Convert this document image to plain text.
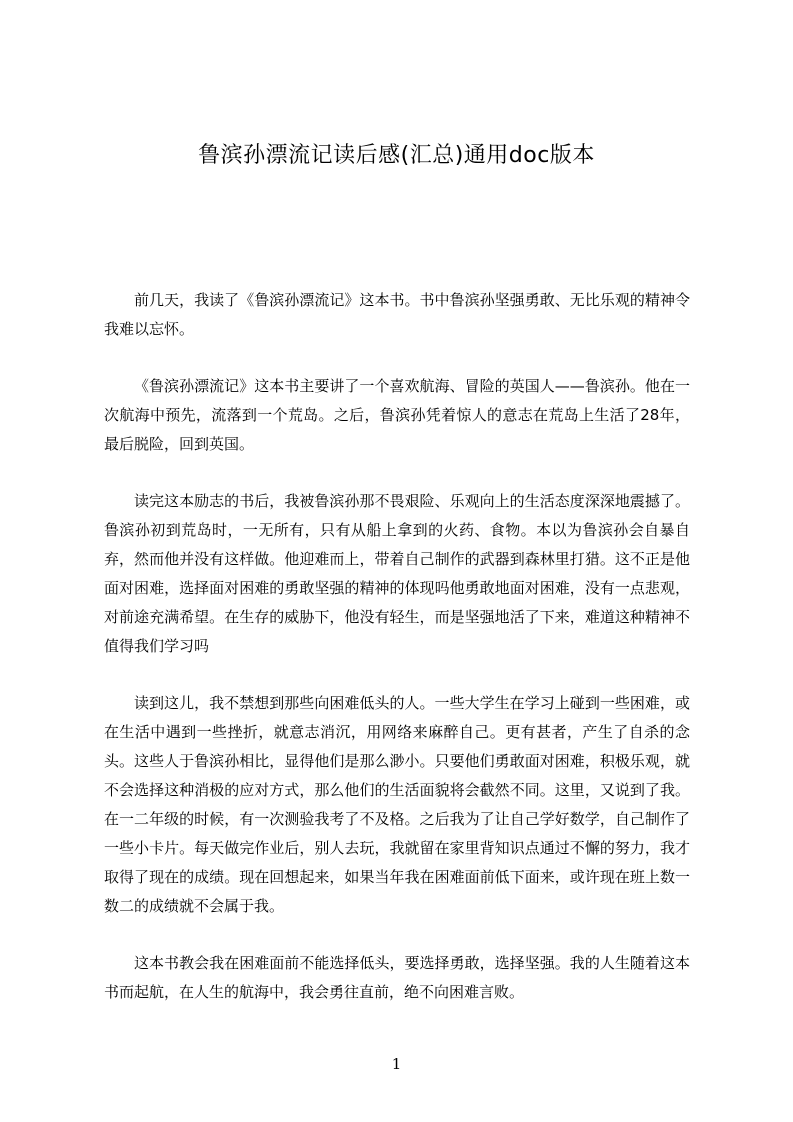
鲁滨孙漂流记读后感(汇总)通用doc版本

前几天，我读了《鲁滨孙漂流记》这本书。书中鲁滨孙坚强勇敢、无比乐观的精神令我难以忘怀。

《鲁滨孙漂流记》这本书主要讲了一个喜欢航海、冒险的英国人——鲁滨孙。他在一次航海中预先，流落到一个荒岛。之后，鲁滨孙凭着惊人的意志在荒岛上生活了28年，最后脱险，回到英国。

读完这本励志的书后，我被鲁滨孙那不畏艰险、乐观向上的生活态度深深地震撼了。鲁滨孙初到荒岛时，一无所有，只有从船上拿到的火药、食物。本以为鲁滨孙会自暴自弃，然而他并没有这样做。他迎难而上，带着自己制作的武器到森林里打猎。这不正是他面对困难，选择面对困难的勇敢坚强的精神的体现吗他勇敢地面对困难，没有一点悲观，对前途充满希望。在生存的威胁下，他没有轻生，而是坚强地活了下来，难道这种精神不值得我们学习吗

读到这儿，我不禁想到那些向困难低头的人。一些大学生在学习上碰到一些困难，或在生活中遇到一些挫折，就意志消沉，用网络来麻醉自己。更有甚者，产生了自杀的念头。这些人于鲁滨孙相比，显得他们是那么渺小。只要他们勇敢面对困难，积极乐观，就不会选择这种消极的应对方式，那么他们的生活面貌将会截然不同。这里，又说到了我。在一二年级的时候，有一次测验我考了不及格。之后我为了让自己学好数学，自己制作了一些小卡片。每天做完作业后，别人去玩，我就留在家里背知识点通过不懈的努力，我才取得了现在的成绩。现在回想起来，如果当年我在困难面前低下面来，或许现在班上数一数二的成绩就不会属于我。

这本书教会我在困难面前不能选择低头，要选择勇敢，选择坚强。我的人生随着这本书而起航，在人生的航海中，我会勇往直前，绝不向困难言败。

1
